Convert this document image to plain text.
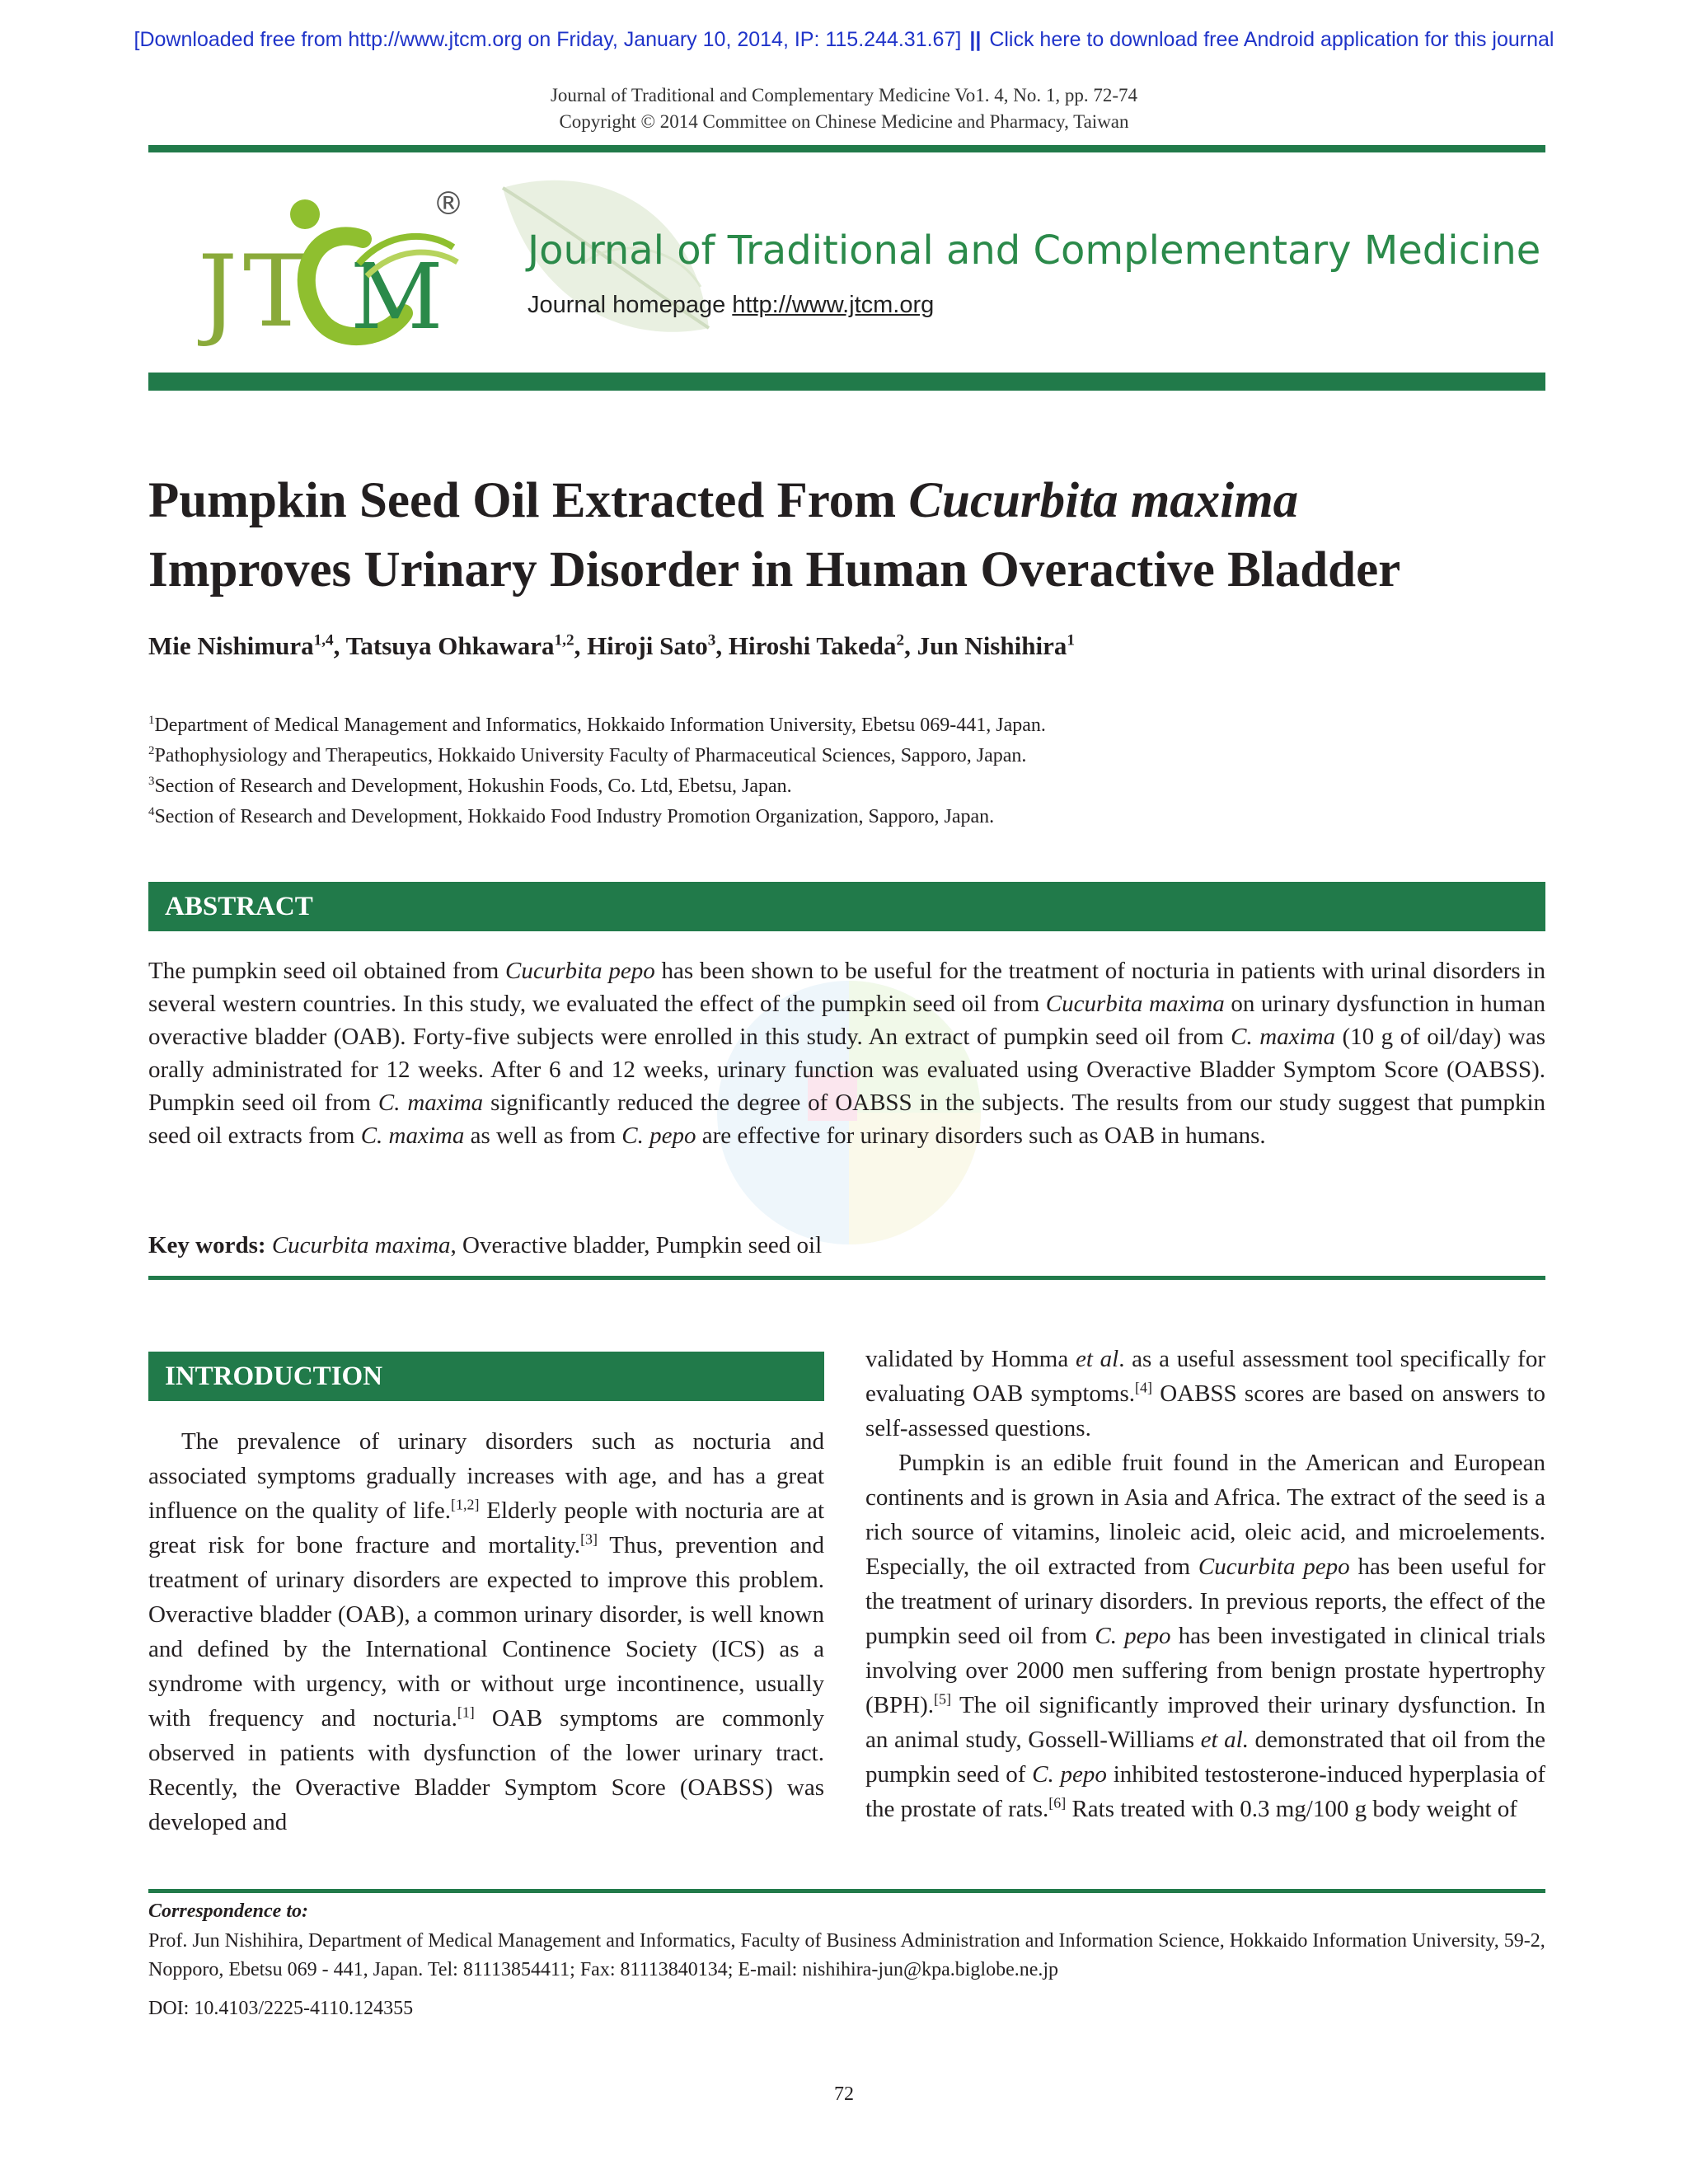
[Downloaded free from http://www.jtcm.org on Friday, January 10, 2014, IP: 115.244.31.67] || Click here to download free Android application for this journal
Journal of Traditional and Complementary Medicine Vo1. 4, No. 1, pp. 72-74
Copyright © 2014 Committee on Chinese Medicine and Pharmacy, Taiwan
J T M
®
Journal of Traditional and Complementary Medicine
Journal homepage http://www.jtcm.org
Pumpkin Seed Oil Extracted From Cucurbita maxima
Improves Urinary Disorder in Human Overactive Bladder
Mie Nishimura$^{1,4}$, Tatsuya Ohkawara$^{1,2}$, Hiroji Sato$^3$, Hiroshi Takeda$^2$, Jun Nishihira$^1$
$^1$Department of Medical Management and Informatics, Hokkaido Information University, Ebetsu 069-441, Japan.
$^2$Pathophysiology and Therapeutics, Hokkaido University Faculty of Pharmaceutical Sciences, Sapporo, Japan.
$^3$Section of Research and Development, Hokushin Foods, Co. Ltd, Ebetsu, Japan.
$^4$Section of Research and Development, Hokkaido Food Industry Promotion Organization, Sapporo, Japan.
ABSTRACT
The pumpkin seed oil obtained from Cucurbita pepo has been shown to be useful for the treatment of nocturia in patients with urinal disorders in several western countries. In this study, we evaluated the effect of the pumpkin seed oil from Cucurbita maxima on urinary dysfunction in human overactive bladder (OAB). Forty-five subjects were enrolled in this study. An extract of pumpkin seed oil from C. maxima (10 g of oil/day) was orally administrated for 12 weeks. After 6 and 12 weeks, urinary function was evaluated using Overactive Bladder Symptom Score (OABSS). Pumpkin seed oil from C. maxima significantly reduced the degree of OABSS in the subjects. The results from our study suggest that pumpkin seed oil extracts from C. maxima as well as from C. pepo are effective for urinary disorders such as OAB in humans.
Key words: Cucurbita maxima, Overactive bladder, Pumpkin seed oil
INTRODUCTION

The prevalence of urinary disorders such as nocturia and associated symptoms gradually increases with age, and has a great influence on the quality of life.[1,2] Elderly people with nocturia are at great risk for bone fracture and mortality.[3] Thus, prevention and treatment of urinary disorders are expected to improve this problem. Overactive bladder (OAB), a common urinary disorder, is well known and defined by the International Continence Society (ICS) as a syndrome with urgency, with or without urge incontinence, usually with frequency and nocturia.[1] OAB symptoms are commonly observed in patients with dysfunction of the lower urinary tract. Recently, the Overactive Bladder Symptom Score (OABSS) was developed and

validated by Homma et al. as a useful assessment tool specifically for evaluating OAB symptoms.[4] OABSS scores are based on answers to self-assessed questions.

Pumpkin is an edible fruit found in the American and European continents and is grown in Asia and Africa. The extract of the seed is a rich source of vitamins, linoleic acid, oleic acid, and microelements. Especially, the oil extracted from Cucurbita pepo has been useful for the treatment of urinary disorders. In previous reports, the effect of the pumpkin seed oil from C. pepo has been investigated in clinical trials involving over 2000 men suffering from benign prostate hypertrophy (BPH).[5] The oil significantly improved their urinary dysfunction. In an animal study, Gossell-Williams et al. demonstrated that oil from the pumpkin seed of C. pepo inhibited testosterone-induced hyperplasia of the prostate of rats.[6] Rats treated with 0.3 mg/100 g body weight of

Correspondence to:
Prof. Jun Nishihira, Department of Medical Management and Informatics, Faculty of Business Administration and Information Science, Hokkaido Information University, 59-2, Nopporo, Ebetsu 069 - 441, Japan. Tel: 81113854411; Fax: 81113840134; E-mail: nishihira-jun@kpa.biglobe.ne.jp
DOI: 10.4103/2225-4110.124355
72
